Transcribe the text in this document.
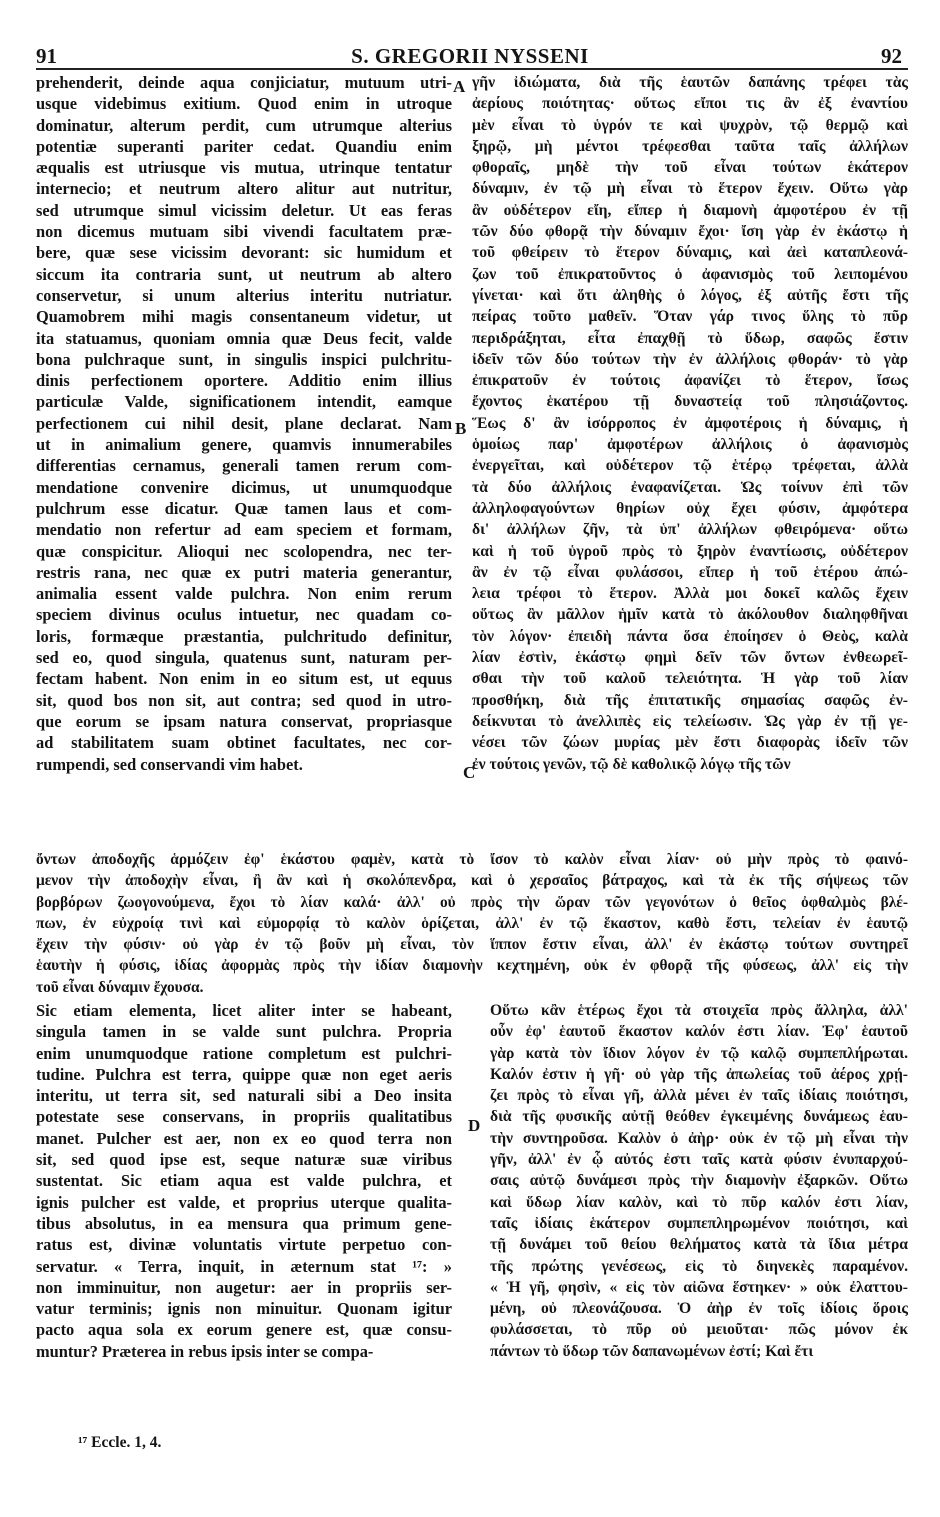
91	S. GREGORII NYSSENI	92
prehenderit, deinde aqua conjiciatur, mutuum utri-
usque videbimus exitium. Quod enim in utroque
dominatur, alterum perdit, cum utrumque alterius
potentiæ superanti pariter cedat. Quandiu enim
æqualis est utriusque vis mutua, utrinque tentatur
internecio; et neutrum altero alitur aut nutritur,
sed utrumque simul vicissim deletur. Ut eas feras
non dicemus mutuam sibi vivendi facultatem præ-
bere, quæ sese vicissim devorant: sic humidum et
siccum ita contraria sunt, ut neutrum ab altero
conservetur, si unum alterius interitu nutriatur.
Quamobrem mihi magis consentaneum videtur, ut
ita statuamus, quoniam omnia quæ Deus fecit, valde
bona pulchraque sunt, in singulis inspici pulchritu-
dinis perfectionem oportere. Additio enim illius
particulæ Valde, significationem intendit, eamque
perfectionem cui nihil desit, plane declarat. Nam
ut in animalium genere, quamvis innumerabiles
differentias cernamus, generali tamen rerum com-
mendatione convenire dicimus, ut unumquodque
pulchrum esse dicatur. Quæ tamen laus et com-
mendatio non refertur ad eam speciem et formam,
quæ conspicitur. Alioqui nec scolopendra, nec ter-
restris rana, nec quæ ex putri materia generantur,
animalia essent valde pulchra. Non enim rerum
speciem divinus oculus intuetur, nec quadam co-
loris, formæque præstantia, pulchritudo definitur,
sed eo, quod singula, quatenus sunt, naturam per-
fectam habent. Non enim in eo situm est, ut equus
sit, quod bos non sit, aut contra; sed quod in utro-
que eorum se ipsam natura conservat, propriasque
ad stabilitatem suam obtinet facultates, nec cor-
rumpendi, sed conservandi vim habet.
γῆν ἰδιώματα, διὰ τῆς ἑαυτῶν δαπάνης τρέφει τὰς
ἀερίους ποιότητας· οὕτως εἴποι τις ἂν ἐξ ἐναντίου
μὲν εἶναι τὸ ὑγρόν τε καὶ ψυχρὸν, τῷ θερμῷ καὶ
ξηρῷ, μὴ μέντοι τρέφεσθαι ταῦτα ταῖς ἀλλήλων
φθοραῖς, μηδὲ τὴν τοῦ εἶναι τούτων ἑκάτερον
δύναμιν, ἐν τῷ μὴ εἶναι τὸ ἕτερον ἔχειν. Οὕτω γὰρ
ἂν οὐδέτερον εἴη, εἴπερ ἡ διαμονὴ ἀμφοτέρου ἐν τῇ
τῶν δύο φθορᾷ τὴν δύναμιν ἔχοι· ἴση γὰρ ἐν ἑκάστῳ ἡ
τοῦ φθείρειν τὸ ἕτερον δύναμις, καὶ ἀεὶ καταπλεονά-
ζων τοῦ ἐπικρατοῦντος ὁ ἀφανισμὸς τοῦ λειπομένου
γίνεται· καὶ ὅτι ἀληθὴς ὁ λόγος, ἐξ αὐτῆς ἔστι τῆς
πείρας τοῦτο μαθεῖν. Ὅταν γάρ τινος ὕλης τὸ πῦρ
περιδράξηται, εἶτα ἐπαχθῇ τὸ ὕδωρ, σαφῶς ἔστιν
ἰδεῖν τῶν δύο τούτων τὴν ἐν ἀλλήλοις φθοράν· τὸ γὰρ
ἐπικρατοῦν ἐν τούτοις ἀφανίζει τὸ ἕτερον, ἴσως
ἔχοντος ἑκατέρου τῇ δυναστείᾳ τοῦ πλησιάζοντος.
Ἕως δ' ἂν ἰσόρροπος ἐν ἀμφοτέροις ἡ δύναμις, ἡ
ὁμοίως παρ' ἀμφοτέρων ἀλλήλοις ὁ ἀφανισμὸς
ἐνεργεῖται, καὶ οὐδέτερον τῷ ἑτέρῳ τρέφεται, ἀλλὰ
τὰ δύο ἀλλήλοις ἐναφανίζεται. Ὡς τοίνυν ἐπὶ τῶν
ἀλληλοφαγούντων θηρίων οὐχ ἔχει φύσιν, ἀμφότερα
δι' ἀλλήλων ζῆν, τὰ ὑπ' ἀλλήλων φθειρόμενα· οὕτω
καὶ ἡ τοῦ ὑγροῦ πρὸς τὸ ξηρὸν ἐναντίωσις, οὐδέτερον
ἂν ἐν τῷ εἶναι φυλάσσοι, εἴπερ ἡ τοῦ ἑτέρου ἀπώ-
λεια τρέφοι τὸ ἕτερον. Ἀλλὰ μοι δοκεῖ καλῶς ἔχειν
οὕτως ἂν μᾶλλον ἡμῖν κατὰ τὸ ἀκόλουθον διαληφθῆναι
τὸν λόγον· ἐπειδὴ πάντα ὅσα ἐποίησεν ὁ Θεὸς, καλὰ
λίαν ἐστὶν, ἑκάστῳ φημὶ δεῖν τῶν ὄντων ἐνθεωρεῖ-
σθαι τὴν τοῦ καλοῦ τελειότητα. Ἡ γὰρ τοῦ λίαν
προσθήκη, διὰ τῆς ἐπιτατικῆς σημασίας σαφῶς ἐν-
δείκνυται τὸ ἀνελλιπὲς εἰς τελείωσιν. Ὡς γὰρ ἐν τῇ γε-
νέσει τῶν ζώων μυρίας μὲν ἔστι διαφορὰς ἰδεῖν τῶν
ἐν τούτοις γενῶν, τῷ δὲ καθολικῷ λόγῳ τῆς τῶν
ὄντων ἀποδοχῆς ἁρμόζειν ἐφ' ἑκάστου φαμὲν, κατὰ τὸ ἴσον τὸ καλὸν εἶναι λίαν· οὐ μὴν πρὸς τὸ φαινό-
μενον τὴν ἀποδοχὴν εἶναι, ἢ ἂν καὶ ἡ σκολόπενδρα, καὶ ὁ χερσαῖος βάτραχος, καὶ τὰ ἐκ τῆς σήψεως τῶν
βορβόρων ζωογονούμενα, ἔχοι τὸ λίαν καλά· ἀλλ' οὐ πρὸς τὴν ὥραν τῶν γεγονότων ὁ θεῖος ὀφθαλμὸς βλέ-
πων, ἐν εὐχροίᾳ τινὶ καὶ εὐμορφίᾳ τὸ καλὸν ὁρίζεται, ἀλλ' ἐν τῷ ἕκαστον, καθὸ ἔστι, τελείαν ἐν ἑαυτῷ
ἔχειν τὴν φύσιν· οὐ γὰρ ἐν τῷ βοῦν μὴ εἶναι, τὸν ἵππον ἔστιν εἶναι, ἀλλ' ἐν ἑκάστῳ τούτων συντηρεῖ
ἑαυτὴν ἡ φύσις, ἰδίας ἀφορμὰς πρὸς τὴν ἰδίαν διαμονὴν κεχτημένη, οὐκ ἐν φθορᾷ τῆς φύσεως, ἀλλ' εἰς τὴν
τοῦ εἶναι δύναμιν ἔχουσα.
Sic etiam elementa, licet aliter inter se habeant,
singula tamen in se valde sunt pulchra. Propria
enim unumquodque ratione completum est pulchri-
tudine. Pulchra est terra, quippe quæ non eget aeris
interitu, ut terra sit, sed naturali sibi a Deo insita
potestate sese conservans, in propriis qualitatibus
manet. Pulcher est aer, non ex eo quod terra non
sit, sed quod ipse est, seque naturæ suæ viribus
sustentat. Sic etiam aqua est valde pulchra, et
ignis pulcher est valde, et proprius uterque qualita-
tibus absolutus, in ea mensura qua primum gene-
ratus est, divinæ voluntatis virtute perpetuo con-
servatur. « Terra, inquit, in æternum stat ¹⁷: »
non imminuitur, non augetur: aer in propriis ser-
vatur terminis; ignis non minuitur. Quonam igitur
pacto aqua sola ex eorum genere est, quæ consu-
muntur? Præterea in rebus ipsis inter se compa-
Οὕτω κἂν ἑτέρως ἔχοι τὰ στοιχεῖα πρὸς ἄλληλα, ἀλλ'
οὖν ἐφ' ἑαυτοῦ ἕκαστον καλόν ἐστι λίαν. Ἐφ' ἑαυτοῦ
γὰρ κατὰ τὸν ἴδιον λόγον ἐν τῷ καλῷ συμπεπλήρωται.
Καλόν ἐστιν ἡ γῆ· οὐ γὰρ τῆς ἀπωλείας τοῦ ἀέρος χρῄ-
ζει πρὸς τὸ εἶναι γῆ, ἀλλὰ μένει ἐν ταῖς ἰδίαις ποιότησι,
διὰ τῆς φυσικῆς αὐτῇ θεόθεν ἐγκειμένης δυνάμεως ἑαυ-
τὴν συντηροῦσα. Καλὸν ὁ ἀὴρ· οὐκ ἐν τῷ μὴ εἶναι τὴν
γῆν, ἀλλ' ἐν ᾧ αὐτός ἐστι ταῖς κατὰ φύσιν ἐνυπαρχού-
σαις αὐτῷ δυνάμεσι πρὸς τὴν διαμονὴν ἐξαρκῶν. Οὕτω
καὶ ὕδωρ λίαν καλὸν, καὶ τὸ πῦρ καλόν ἐστι λίαν,
ταῖς ἰδίαις ἑκάτερον συμπεπληρωμένον ποιότησι, καὶ
τῇ δυνάμει τοῦ θείου θελήματος κατὰ τὰ ἴδια μέτρα
τῆς πρώτης γενέσεως, εἰς τὸ διηνεκὲς παραμένον.
« Ἡ γῆ, φησὶν, « εἰς τὸν αἰῶνα ἕστηκεν· » οὐκ ἐλαττου-
μένη, οὐ πλεονάζουσα. Ὁ ἀὴρ ἐν τοῖς ἰδίοις ὅροις
φυλάσσεται, τὸ πῦρ οὐ μειοῦται· πῶς μόνον ἐκ
πάντων τὸ ὕδωρ τῶν δαπανωμένων ἐστί; Καὶ ἔτι
A
B
C
D
¹⁷ Eccle. 1, 4.
